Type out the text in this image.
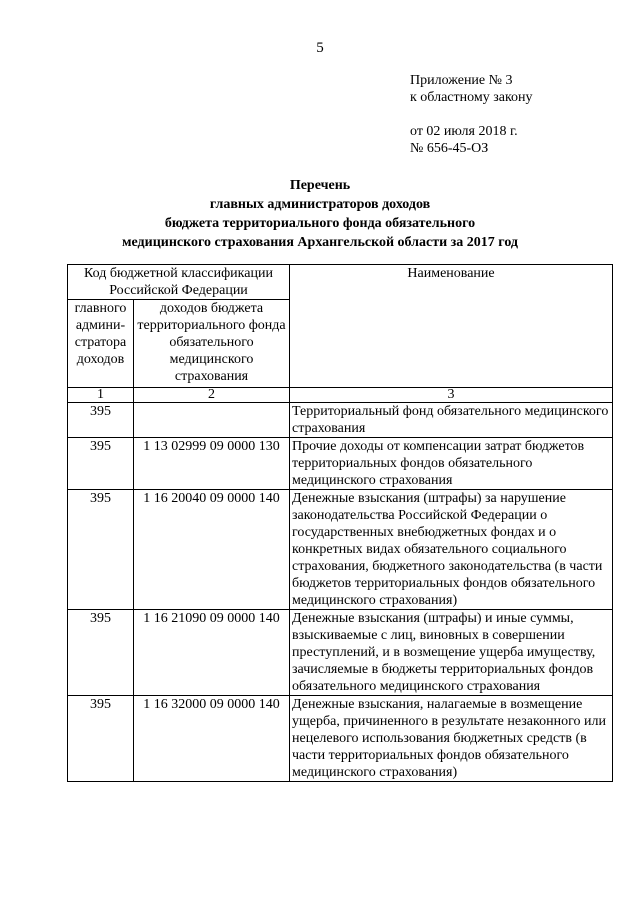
5
Приложение № 3
к областному закону
от 02 июля 2018 г.
№ 656-45-ОЗ
Перечень
главных администраторов доходов
бюджета территориального фонда обязательного
медицинского страхования Архангельской области за 2017 год
Код бюджетной классификации Российской Федерации		Наименование
главного админи-стратора доходов	доходов бюджета территориального фонда обязательного медицинского страхования	
1	2	3
395		Территориальный фонд обязательного медицинского страхования
395	1 13 02999 09 0000 130	Прочие доходы от компенсации затрат бюджетов территориальных фондов обязательного медицинского страхования
395	1 16 20040 09 0000 140	Денежные взыскания (штрафы) за нарушение законодательства Российской Федерации о государственных внебюджетных фондах и о конкретных видах обязательного социального страхования, бюджетного законодательства (в части бюджетов территориальных фондов обязательного медицинского страхования)
395	1 16 21090 09 0000 140	Денежные взыскания (штрафы) и иные суммы, взыскиваемые с лиц, виновных в совершении преступлений, и в возмещение ущерба имуществу, зачисляемые в бюджеты территориальных фондов обязательного медицинского страхования
395	1 16 32000 09 0000 140	Денежные взыскания, налагаемые в возмещение ущерба, причиненного в результате незаконного или нецелевого использования бюджетных средств (в части территориальных фондов обязательного медицинского страхования)
